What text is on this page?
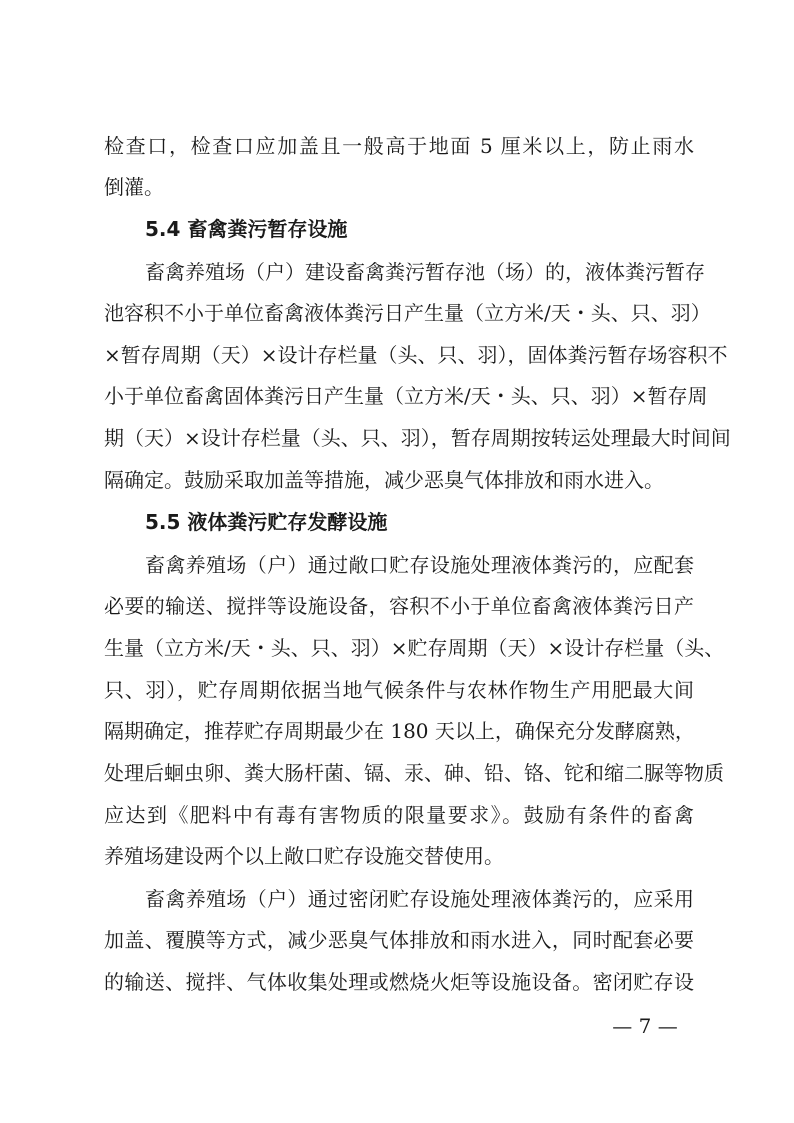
检查口，检查口应加盖且一般高于地面 5 厘米以上，防止雨水
倒灌。
5.4 畜禽粪污暂存设施
畜禽养殖场（户）建设畜禽粪污暂存池（场）的，液体粪污暂存
池容积不小于单位畜禽液体粪污日产生量（立方米/天・头、只、羽）
×暂存周期（天）×设计存栏量（头、只、羽），固体粪污暂存场容积不
小于单位畜禽固体粪污日产生量（立方米/天・头、只、羽）×暂存周
期（天）×设计存栏量（头、只、羽），暂存周期按转运处理最大时间间
隔确定。鼓励采取加盖等措施，减少恶臭气体排放和雨水进入。
5.5 液体粪污贮存发酵设施
畜禽养殖场（户）通过敞口贮存设施处理液体粪污的，应配套
必要的输送、搅拌等设施设备，容积不小于单位畜禽液体粪污日产
生量（立方米/天・头、只、羽）×贮存周期（天）×设计存栏量（头、
只、羽），贮存周期依据当地气候条件与农林作物生产用肥最大间
隔期确定，推荐贮存周期最少在 180 天以上，确保充分发酵腐熟，
处理后蛔虫卵、粪大肠杆菌、镉、汞、砷、铅、铬、铊和缩二脲等物质
应达到《肥料中有毒有害物质的限量要求》。鼓励有条件的畜禽
养殖场建设两个以上敞口贮存设施交替使用。
畜禽养殖场（户）通过密闭贮存设施处理液体粪污的，应采用
加盖、覆膜等方式，减少恶臭气体排放和雨水进入，同时配套必要
的输送、搅拌、气体收集处理或燃烧火炬等设施设备。密闭贮存设
— 7 —
